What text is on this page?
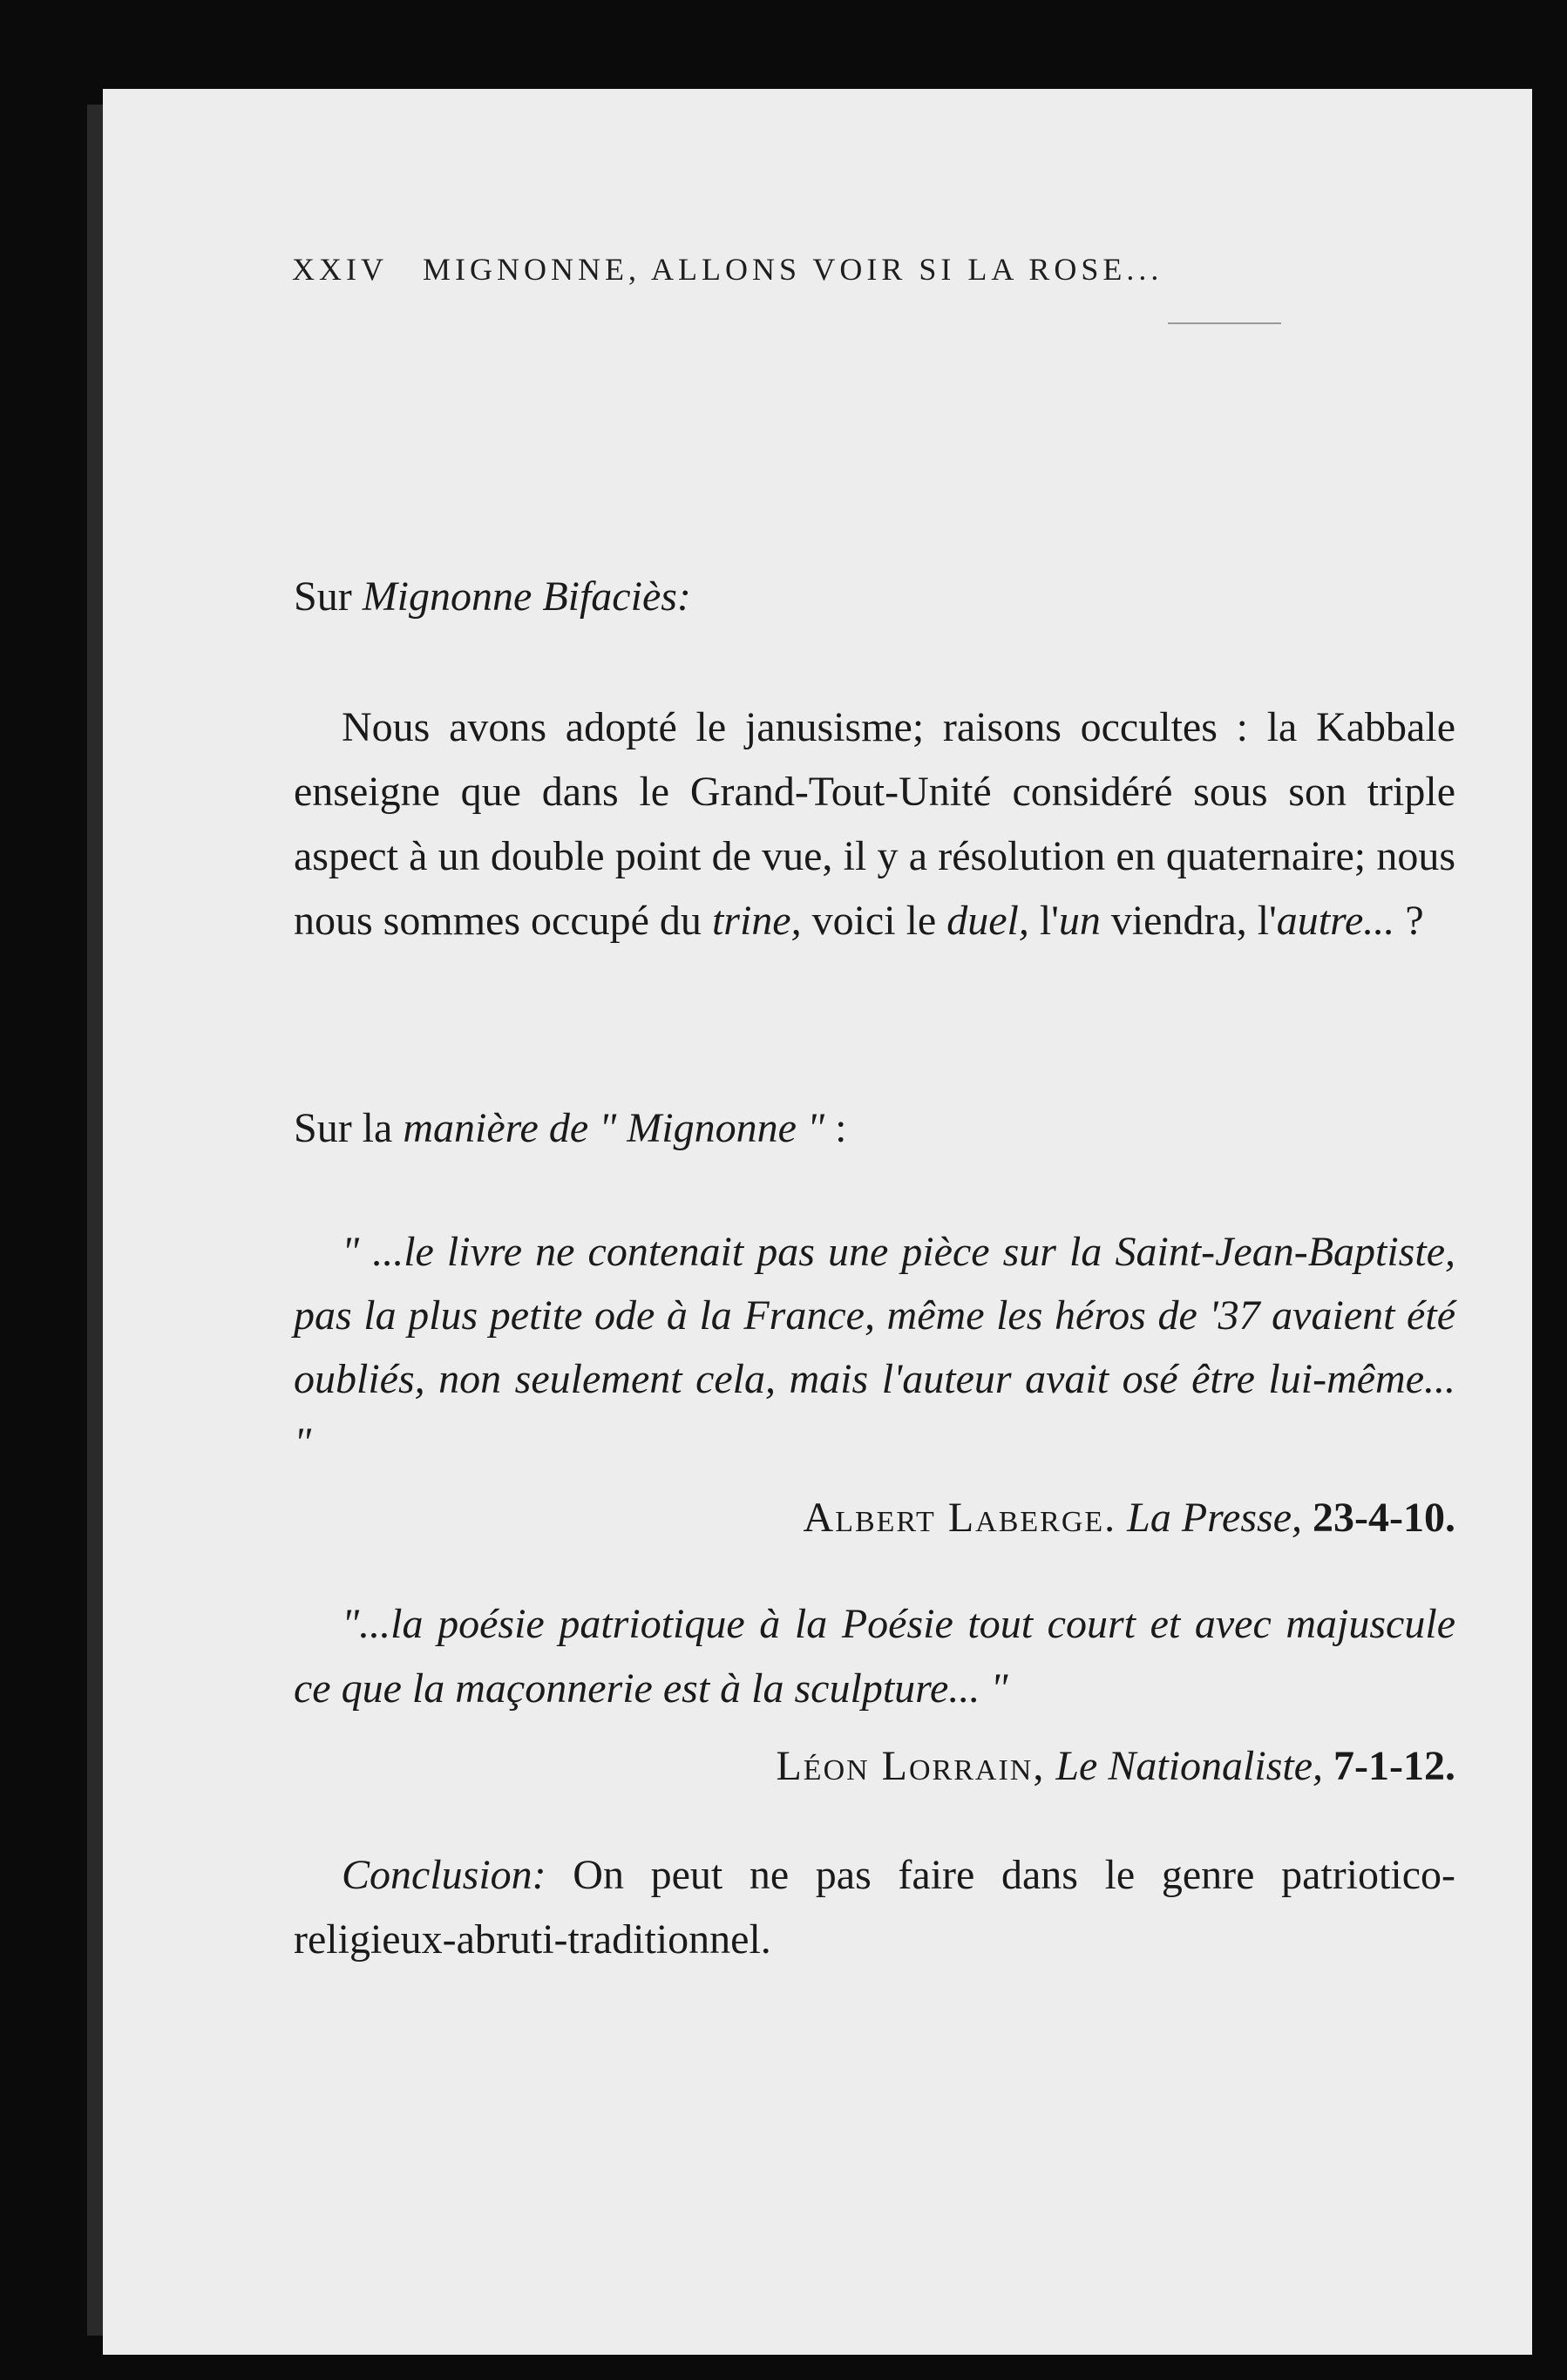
XXIV MIGNONNE, ALLONS VOIR SI LA ROSE...
Sur Mignonne Bifaciès:
Nous avons adopté le janusisme; raisons occultes : la Kabbale enseigne que dans le Grand-Tout-Unité considéré sous son triple aspect à un double point de vue, il y a résolution en quaternaire; nous nous sommes occupé du trine, voici le duel, l'un viendra, l'autre... ?
Sur la manière de " Mignonne " :
" ...le livre ne contenait pas une pièce sur la Saint-Jean-Baptiste, pas la plus petite ode à la France, même les héros de '37 avaient été oubliés, non seulement cela, mais l'auteur avait osé être lui-même... "
Albert Laberge. La Presse, 23-4-10.
"...la poésie patriotique à la Poésie tout court et avec majuscule ce que la maçonnerie est à la sculpture... "
Léon Lorrain, Le Nationaliste, 7-1-12.
Conclusion: On peut ne pas faire dans le genre patriotico-religieux-abruti-traditionnel.
